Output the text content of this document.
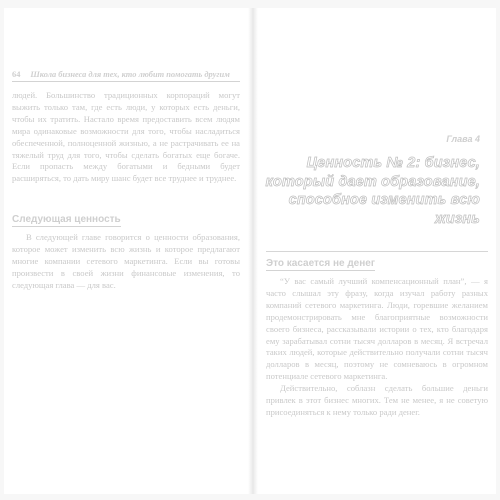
64 Школа бизнеса для тех, кто любит помогать другим

людей. Большинство традиционных корпораций могут выжить только там, где есть люди, у которых есть деньги, чтобы их тратить. Настало время предоставить всем людям мира одинаковые возможности для того, чтобы насладиться обеспеченной, полноценной жизнью, а не растрачивать ее на тяжелый труд для того, чтобы сделать богатых еще богаче. Если пропасть между богатыми и бедными будет расширяться, то дать миру шанс будет все труднее и труднее.

Следующая ценность

В следующей главе говорится о ценности образования, которое может изменить всю жизнь и которое предлагают многие компании сетевого маркетинга. Если вы готовы произвести в своей жизни финансовые изменения, то следующая глава — для вас.

Глава 4
Ценность № 2: бизнес, который дает образование, способное изменить всю жизнь
Это касается не денег

“У вас самый лучший компенсационный план”, — я часто слышал эту фразу, когда изучал работу разных компаний сетевого маркетинга. Люди, горевшие желанием продемонстрировать мне благоприятные возможности своего бизнеса, рассказывали истории о тех, кто благодаря ему зарабатывал сотни тысяч долларов в месяц. Я встречал таких людей, которые действительно получали сотни тысяч долларов в месяц, поэтому не сомневаюсь в огромном потенциале сетевого маркетинга.

Действительно, соблазн сделать большие деньги привлек в этот бизнес многих. Тем не менее, я не советую присоединяться к нему только ради денег.
